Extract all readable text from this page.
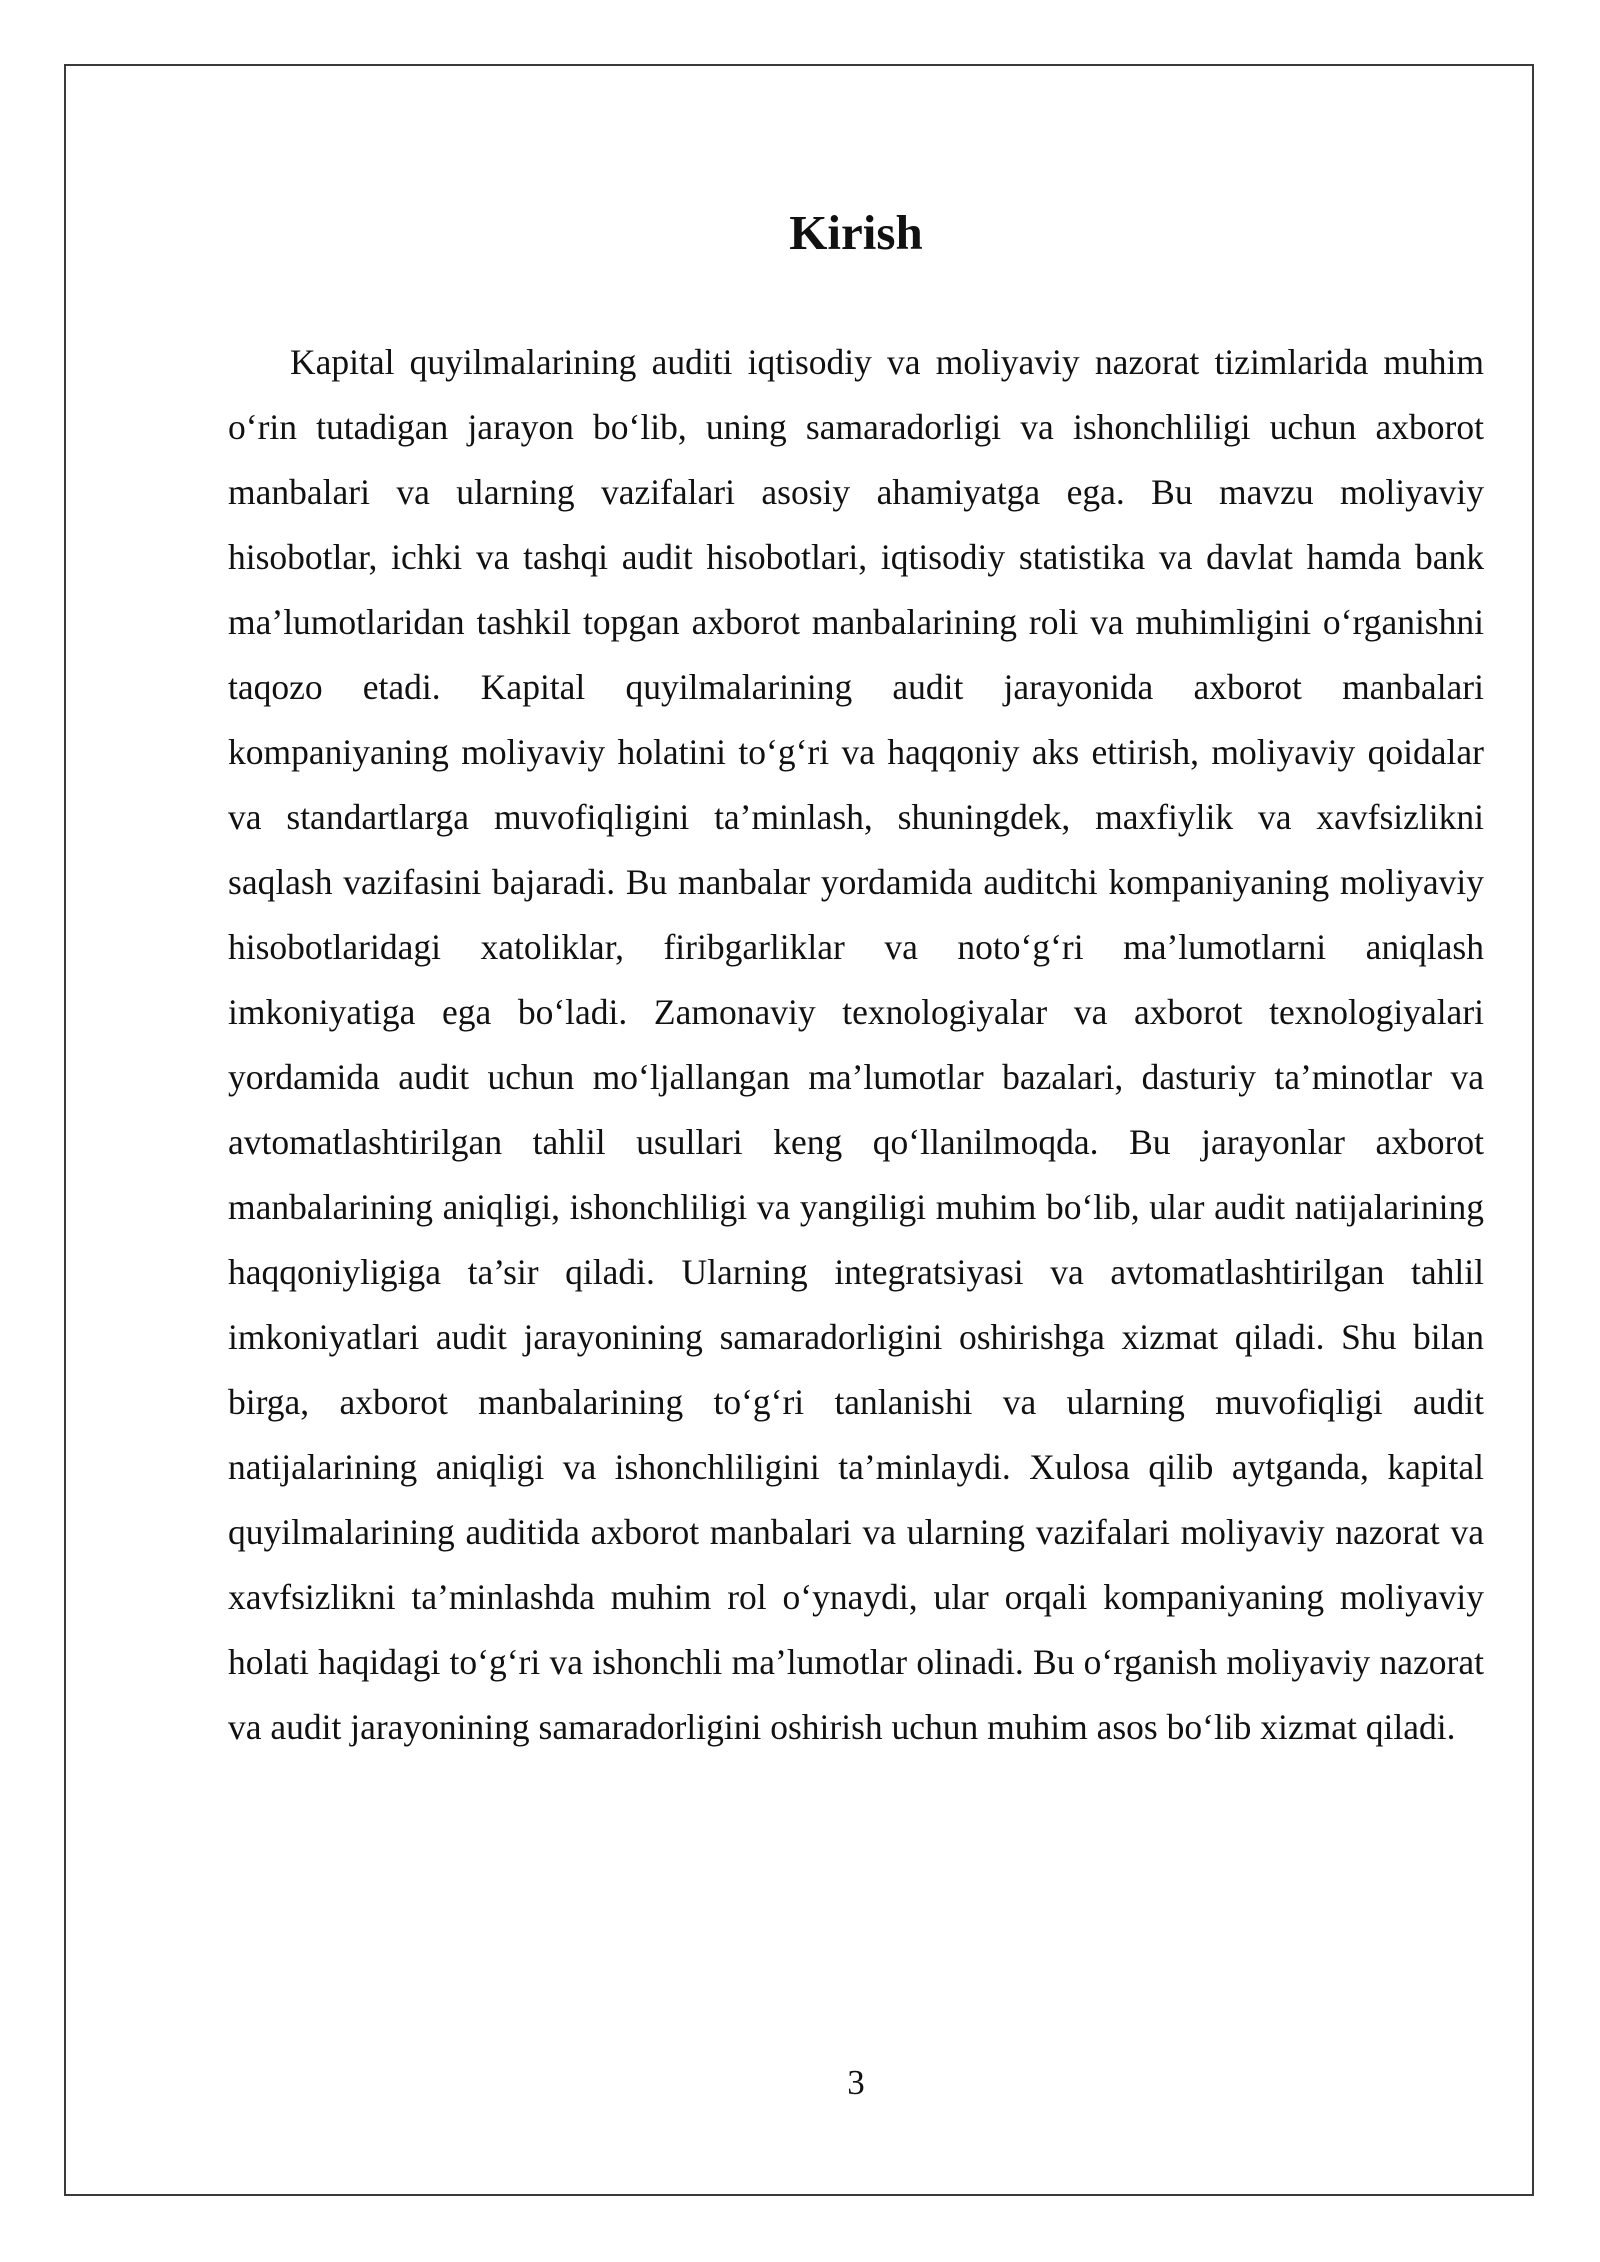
Kirish

Kapital quyilmalarining auditi iqtisodiy va moliyaviy nazorat tizimlarida muhim o‘rin tutadigan jarayon bo‘lib, uning samaradorligi va ishonchliligi uchun axborot manbalari va ularning vazifalari asosiy ahamiyatga ega. Bu mavzu moliyaviy hisobotlar, ichki va tashqi audit hisobotlari, iqtisodiy statistika va davlat hamda bank ma’lumotlaridan tashkil topgan axborot manbalarining roli va muhimligini o‘rganishni taqozo etadi. Kapital quyilmalarining audit jarayonida axborot manbalari kompaniyaning moliyaviy holatini to‘g‘ri va haqqoniy aks ettirish, moliyaviy qoidalar va standartlarga muvofiqligini ta’minlash, shuningdek, maxfiylik va xavfsizlikni saqlash vazifasini bajaradi. Bu manbalar yordamida auditchi kompaniyaning moliyaviy hisobotlaridagi xatoliklar, firibgarliklar va noto‘g‘ri ma’lumotlarni aniqlash imkoniyatiga ega bo‘ladi. Zamonaviy texnologiyalar va axborot texnologiyalari yordamida audit uchun mo‘ljallangan ma’lumotlar bazalari, dasturiy ta’minotlar va avtomatlashtirilgan tahlil usullari keng qo‘llanilmoqda. Bu jarayonlar axborot manbalarining aniqligi, ishonchliligi va yangiligi muhim bo‘lib, ular audit natijalarining haqqoniyligiga ta’sir qiladi. Ularning integratsiyasi va avtomatlashtirilgan tahlil imkoniyatlari audit jarayonining samaradorligini oshirishga xizmat qiladi. Shu bilan birga, axborot manbalarining to‘g‘ri tanlanishi va ularning muvofiqligi audit natijalarining aniqligi va ishonchliligini ta’minlaydi. Xulosa qilib aytganda, kapital quyilmalarining auditida axborot manbalari va ularning vazifalari moliyaviy nazorat va xavfsizlikni ta’minlashda muhim rol o‘ynaydi, ular orqali kompaniyaning moliyaviy holati haqidagi to‘g‘ri va ishonchli ma’lumotlar olinadi. Bu o‘rganish moliyaviy nazorat va audit jarayonining samaradorligini oshirish uchun muhim asos bo‘lib xizmat qiladi.

3
